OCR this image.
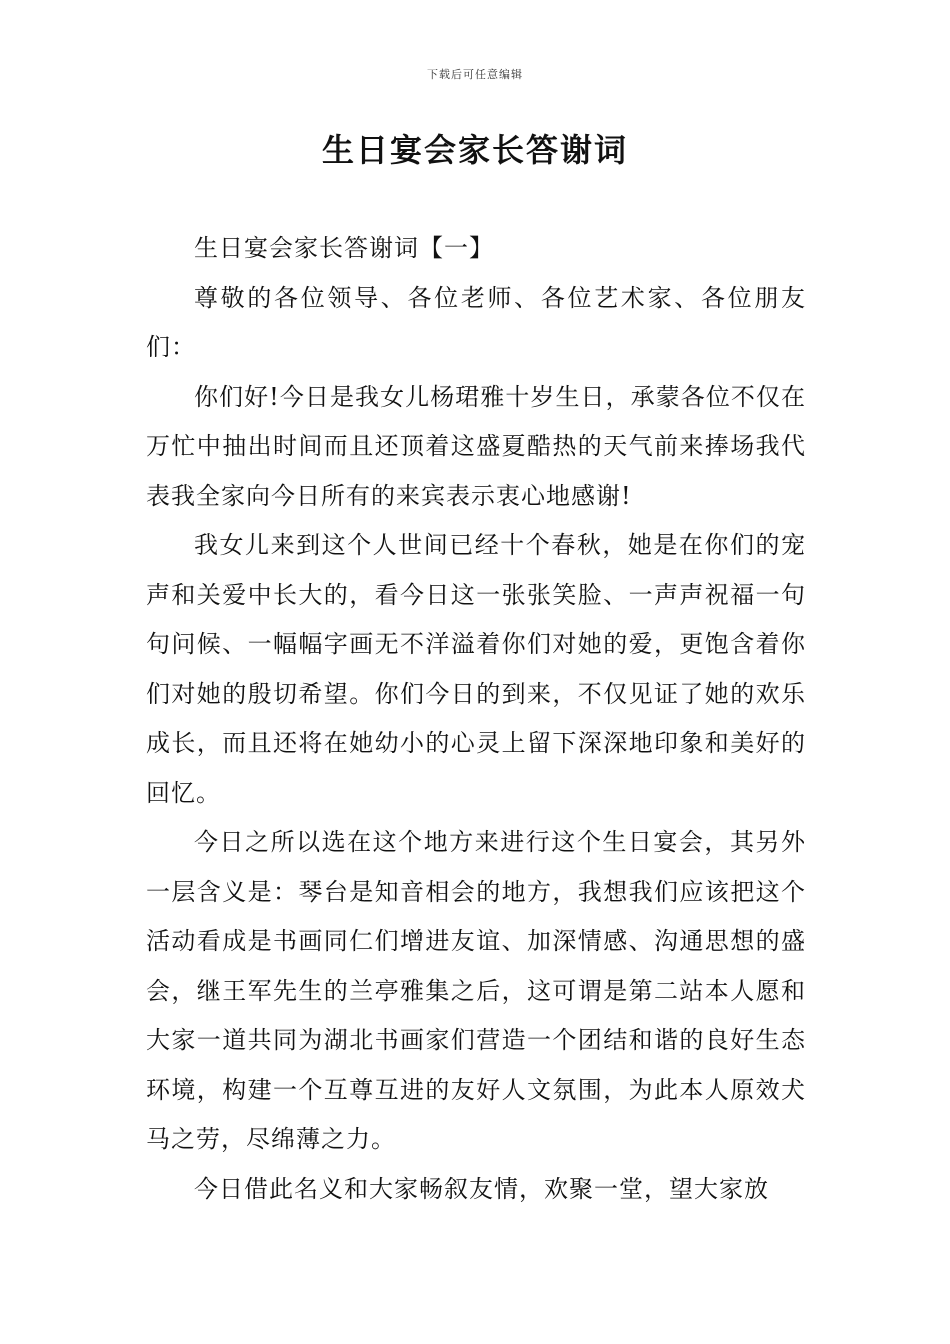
下载后可任意编辑
生日宴会家长答谢词

生日宴会家长答谢词【一】

尊敬的各位领导、各位老师、各位艺术家、各位朋友们：

你们好!今日是我女儿杨珺雅十岁生日，承蒙各位不仅在万忙中抽出时间而且还顶着这盛夏酷热的天气前来捧场我代表我全家向今日所有的来宾表示衷心地感谢!

我女儿来到这个人世间已经十个春秋，她是在你们的宠声和关爱中长大的，看今日这一张张笑脸、一声声祝福一句句问候、一幅幅字画无不洋溢着你们对她的爱，更饱含着你们对她的殷切希望。你们今日的到来，不仅见证了她的欢乐成长，而且还将在她幼小的心灵上留下深深地印象和美好的回忆。

今日之所以选在这个地方来进行这个生日宴会，其另外一层含义是：琴台是知音相会的地方，我想我们应该把这个活动看成是书画同仁们增进友谊、加深情感、沟通思想的盛会，继王军先生的兰亭雅集之后，这可谓是第二站本人愿和大家一道共同为湖北书画家们营造一个团结和谐的良好生态环境，构建一个互尊互进的友好人文氛围，为此本人原效犬马之劳，尽绵薄之力。

今日借此名义和大家畅叙友情，欢聚一堂，望大家放
